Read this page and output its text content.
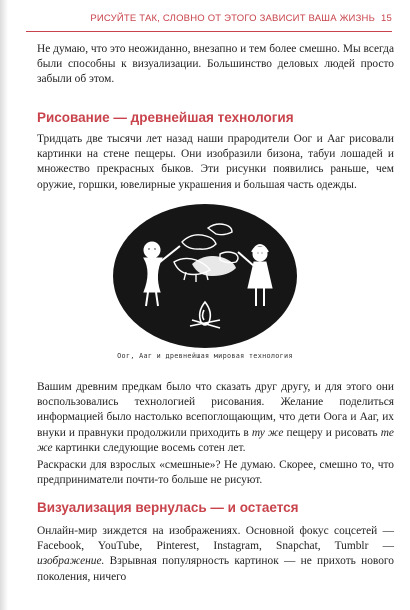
РИСУЙТЕ ТАК, СЛОВНО ОТ ЭТОГО ЗАВИСИТ ВАША ЖИЗНЬ 15

Не думаю, что это неожиданно, внезапно и тем более смешно. Мы всегда были способны к визуализации. Большинство деловых людей просто забыли об этом.

Рисование — древнейшая технология

Тридцать две тысячи лет назад наши прародители Оог и Ааг рисовали картинки на стене пещеры. Они изобразили бизона, табуи лошадей и множество прекрасных быков. Эти рисунки появились раньше, чем оружие, горшки, ювелирные украшения и большая часть одежды.

Оог, Ааг и древнейшая мировая технология

Вашим древним предкам было что сказать друг другу, и для этого они воспользовались технологией рисования. Желание поделиться информацией было настолько всепоглощающим, что дети Оога и Ааг, их внуки и правнуки продолжили приходить в ту же пещеру и рисовать те же картинки следующие восемь сотен лет.

Раскраски для взрослых «смешные»? Не думаю. Скорее, смешно то, что предприниматели почти-то больше не рисуют.

Визуализация вернулась — и остается

Онлайн-мир зиждется на изображениях. Основной фокус соцсетей — Facebook, YouTube, Pinterest, Instagram, Snapchat, Tumblr — изображение. Взрывная популярность картинок — не прихоть нового поколения, ничего
